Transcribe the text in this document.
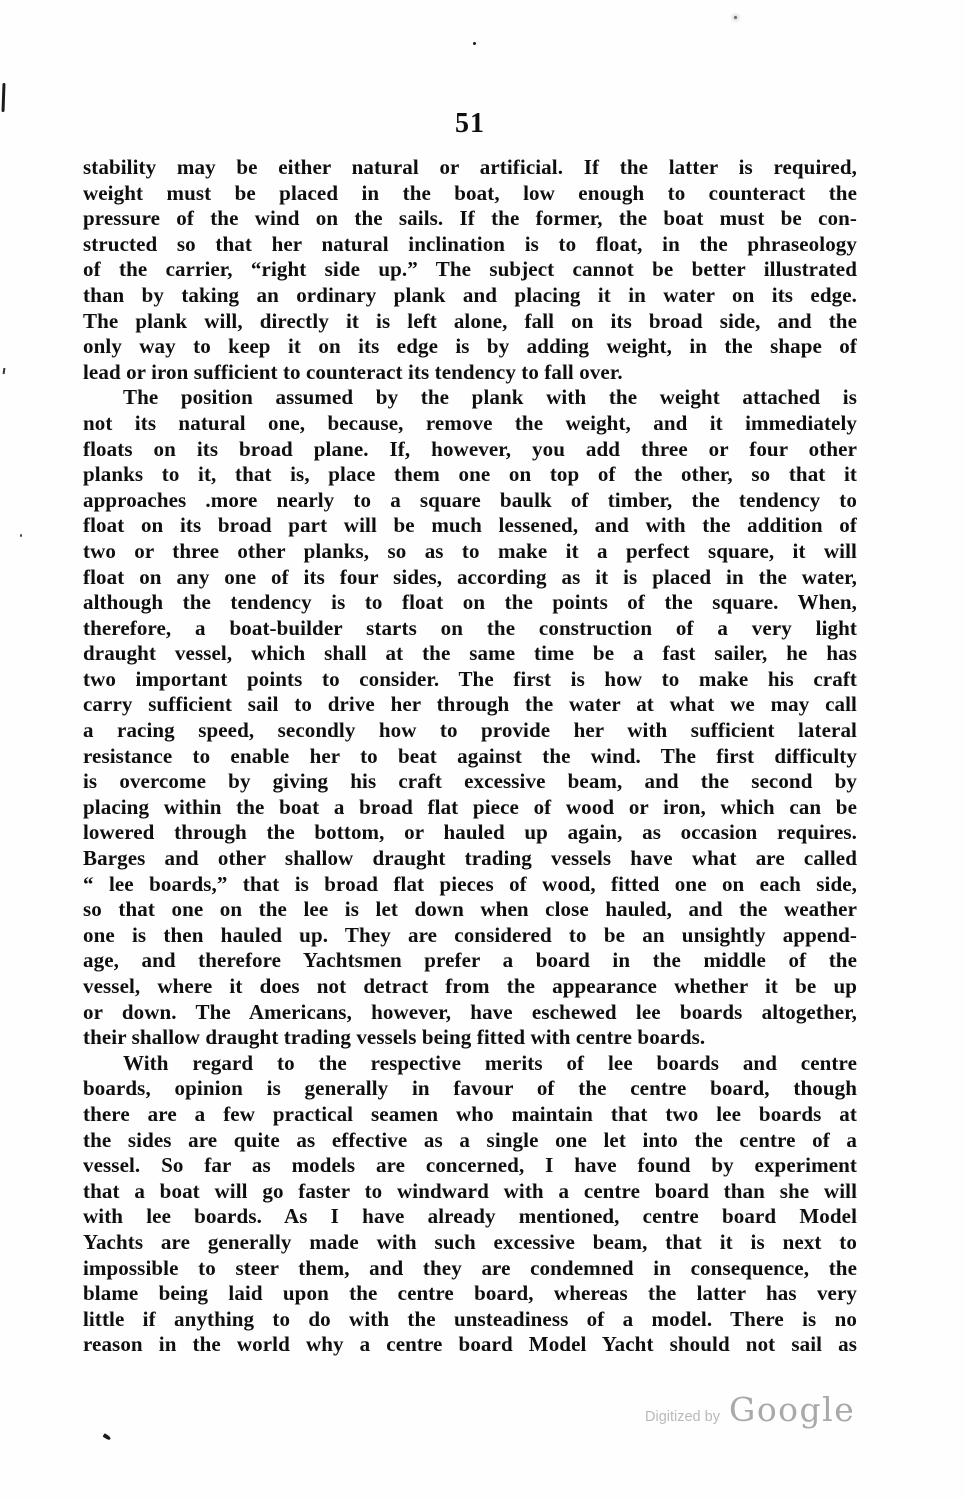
51
stability may be either natural or artificial. If the latter is required,
weight must be placed in the boat, low enough to counteract the
pressure of the wind on the sails. If the former, the boat must be con-
structed so that her natural inclination is to float, in the phraseology
of the carrier, “right side up.” The subject cannot be better illustrated
than by taking an ordinary plank and placing it in water on its edge.
The plank will, directly it is left alone, fall on its broad side, and the
only way to keep it on its edge is by adding weight, in the shape of
lead or iron sufficient to counteract its tendency to fall over.
The position assumed by the plank with the weight attached is
not its natural one, because, remove the weight, and it immediately
floats on its broad plane. If, however, you add three or four other
planks to it, that is, place them one on top of the other, so that it
approaches .more nearly to a square baulk of timber, the tendency to
float on its broad part will be much lessened, and with the addition of
two or three other planks, so as to make it a perfect square, it will
float on any one of its four sides, according as it is placed in the water,
although the tendency is to float on the points of the square. When,
therefore, a boat-builder starts on the construction of a very light
draught vessel, which shall at the same time be a fast sailer, he has
two important points to consider. The first is how to make his craft
carry sufficient sail to drive her through the water at what we may call
a racing speed, secondly how to provide her with sufficient lateral
resistance to enable her to beat against the wind. The first difficulty
is overcome by giving his craft excessive beam, and the second by
placing within the boat a broad flat piece of wood or iron, which can be
lowered through the bottom, or hauled up again, as occasion requires.
Barges and other shallow draught trading vessels have what are called
“ lee boards,” that is broad flat pieces of wood, fitted one on each side,
so that one on the lee is let down when close hauled, and the weather
one is then hauled up. They are considered to be an unsightly append-
age, and therefore Yachtsmen prefer a board in the middle of the
vessel, where it does not detract from the appearance whether it be up
or down. The Americans, however, have eschewed lee boards altogether,
their shallow draught trading vessels being fitted with centre boards.
With regard to the respective merits of lee boards and centre
boards, opinion is generally in favour of the centre board, though
there are a few practical seamen who maintain that two lee boards at
the sides are quite as effective as a single one let into the centre of a
vessel. So far as models are concerned, I have found by experiment
that a boat will go faster to windward with a centre board than she will
with lee boards. As I have already mentioned, centre board Model
Yachts are generally made with such excessive beam, that it is next to
impossible to steer them, and they are condemned in consequence, the
blame being laid upon the centre board, whereas the latter has very
little if anything to do with the unsteadiness of a model. There is no
reason in the world why a centre board Model Yacht should not sail as
Digitized by Google
